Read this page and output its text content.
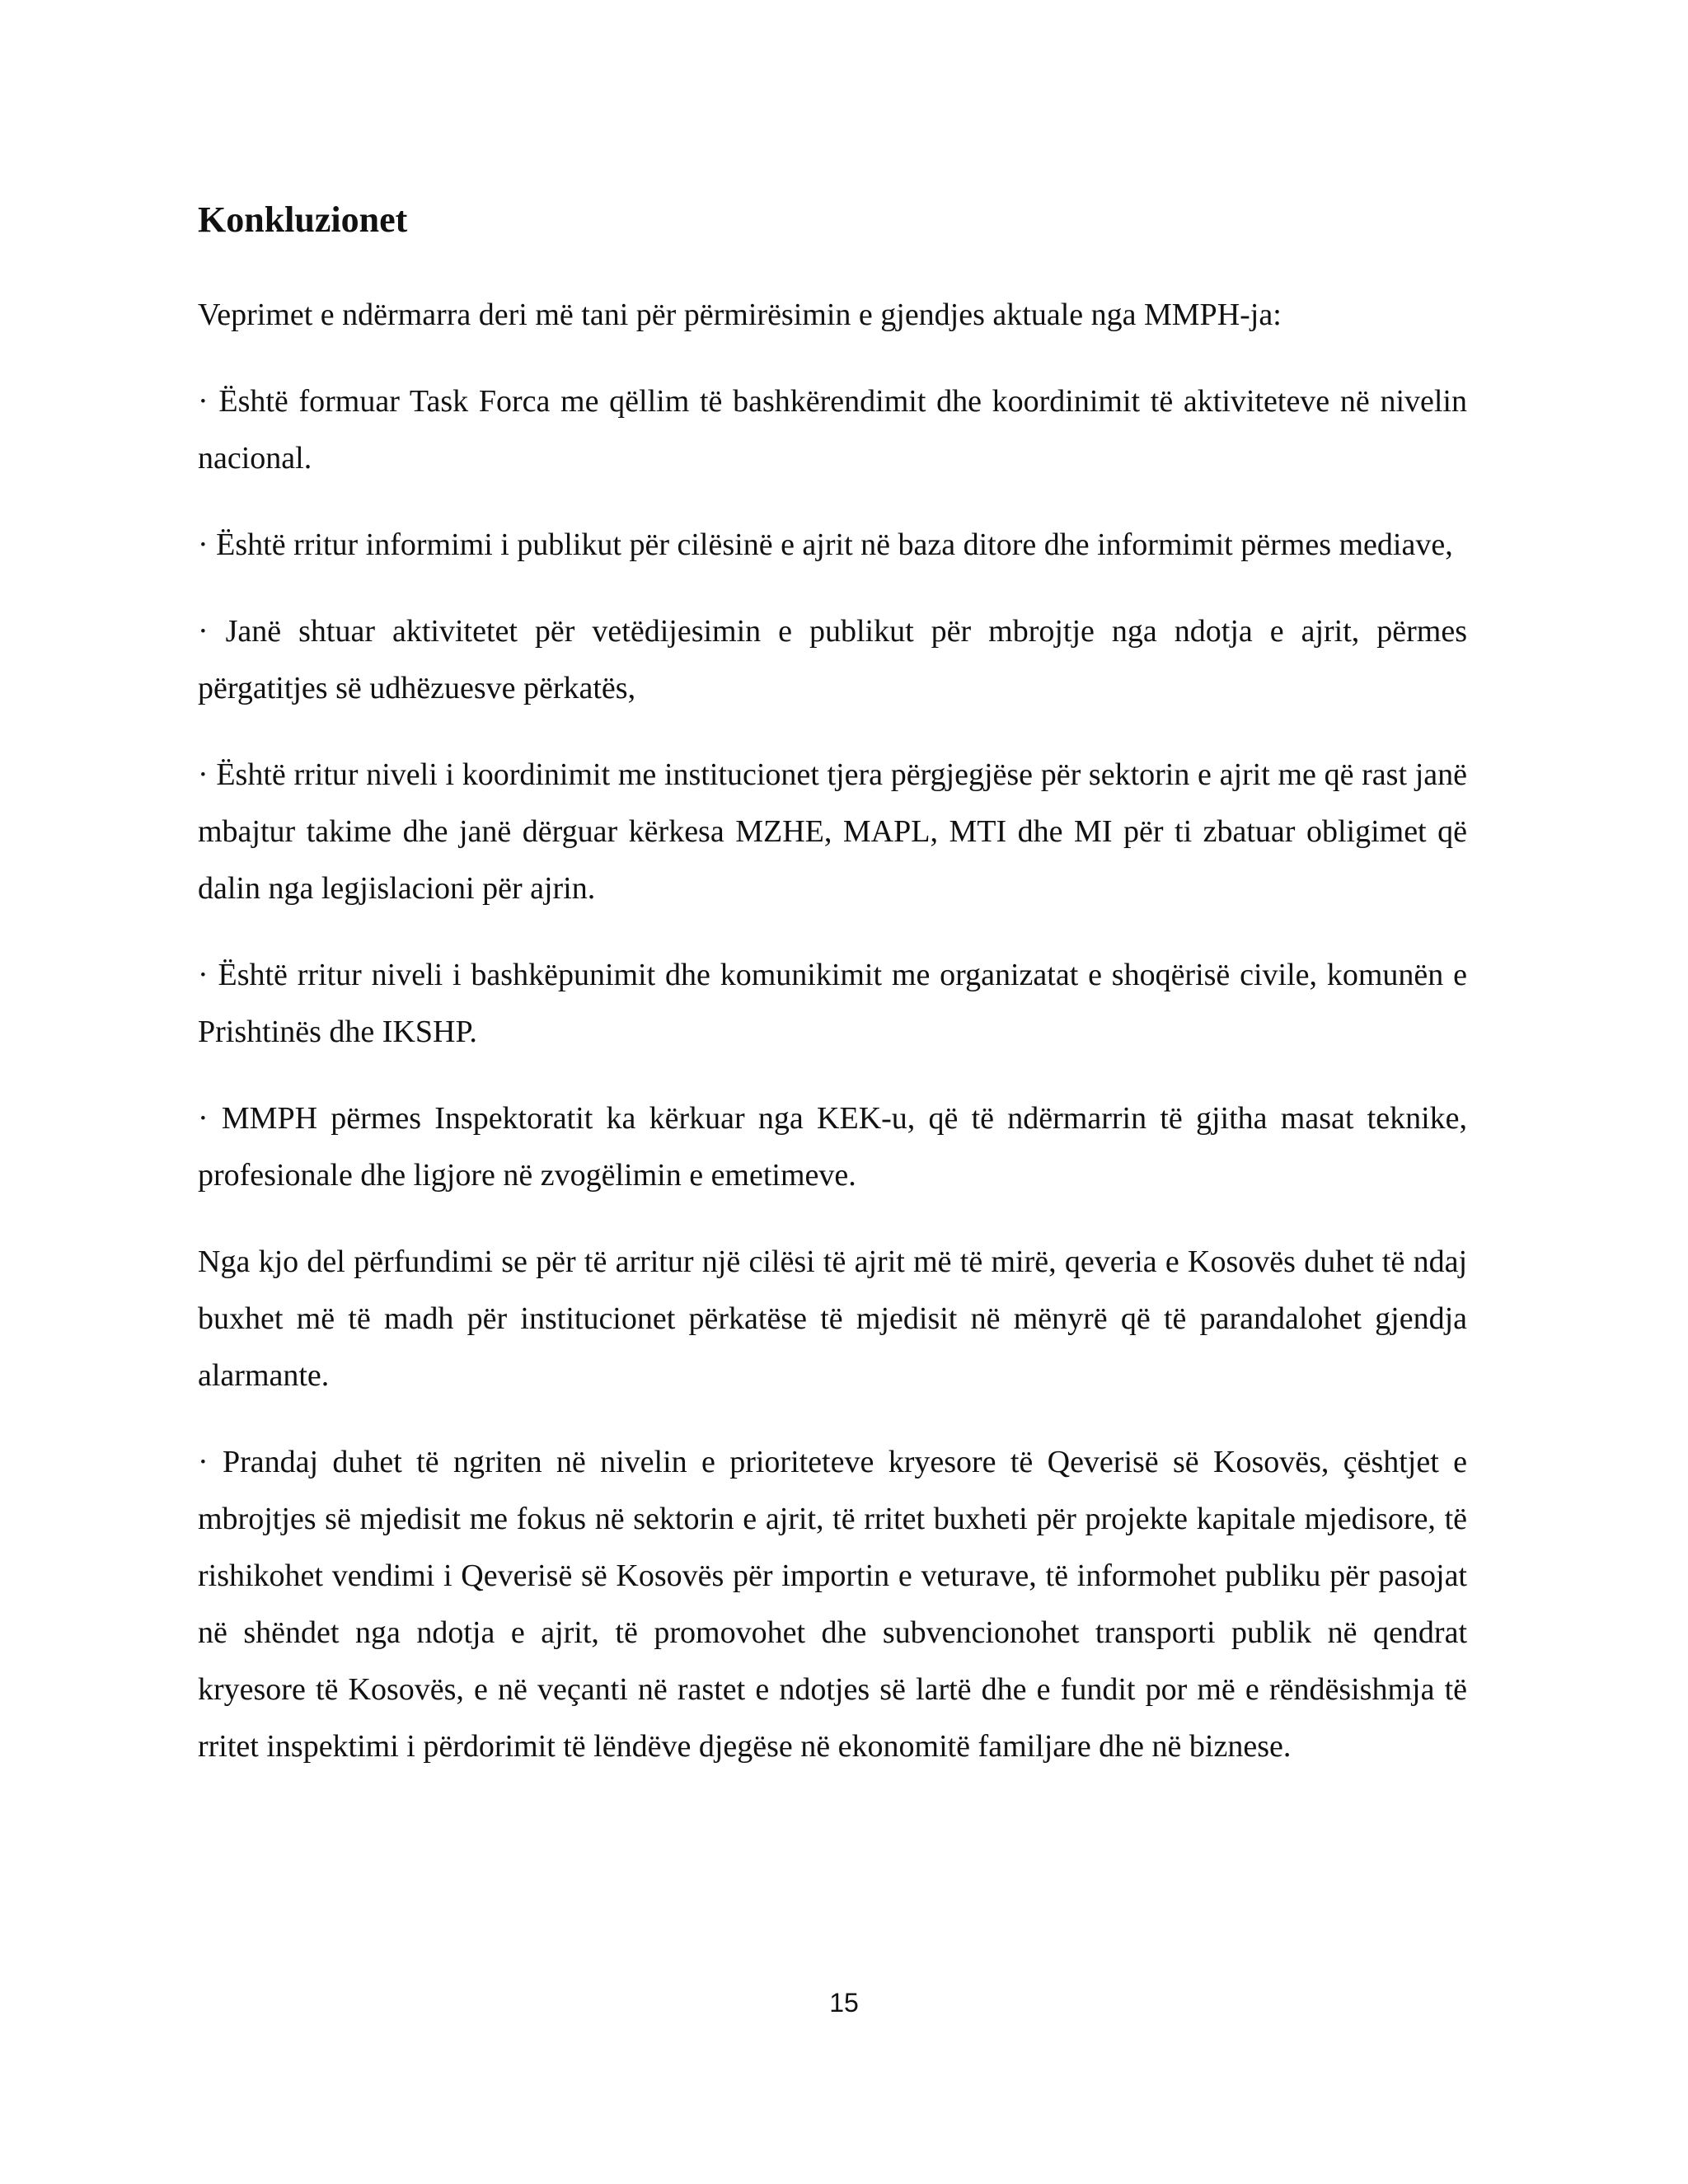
Konkluzionet

Veprimet e ndërmarra deri më tani për përmirësimin e gjendjes aktuale nga MMPH-ja:

· Është formuar Task Forca me qëllim të bashkërendimit dhe koordinimit të aktiviteteve në nivelin nacional.

· Është rritur informimi i publikut për cilësinë e ajrit në baza ditore dhe informimit përmes mediave,

· Janë shtuar aktivitetet për vetëdijesimin e publikut për mbrojtje nga ndotja e ajrit, përmes përgatitjes së udhëzuesve përkatës,

· Është rritur niveli i koordinimit me institucionet tjera përgjegjëse për sektorin e ajrit me që rast janë mbajtur takime dhe janë dërguar kërkesa MZHE, MAPL, MTI dhe MI për ti zbatuar obligimet që dalin nga legjislacioni për ajrin.

· Është rritur niveli i bashkëpunimit dhe komunikimit me organizatat e shoqërisë civile, komunën e Prishtinës dhe IKSHP.

· MMPH përmes Inspektoratit ka kërkuar nga KEK-u, që të ndërmarrin të gjitha masat teknike, profesionale dhe ligjore në zvogëlimin e emetimeve.

Nga kjo del përfundimi se për të arritur një cilësi të ajrit më të mirë, qeveria e Kosovës duhet të ndaj buxhet më të madh për institucionet përkatëse të mjedisit në mënyrë që të parandalohet gjendja alarmante.

· Prandaj duhet të ngriten në nivelin e prioriteteve kryesore të Qeverisë së Kosovës, çështjet e mbrojtjes së mjedisit me fokus në sektorin e ajrit, të rritet buxheti për projekte kapitale mjedisore, të rishikohet vendimi i Qeverisë së Kosovës për importin e veturave, të informohet publiku për pasojat në shëndet nga ndotja e ajrit, të promovohet dhe subvencionohet transporti publik në qendrat kryesore të Kosovës, e në veçanti në rastet e ndotjes së lartë dhe e fundit por më e rëndësishmja të rritet inspektimi i përdorimit të lëndëve djegëse në ekonomitë familjare dhe në biznese.

15
